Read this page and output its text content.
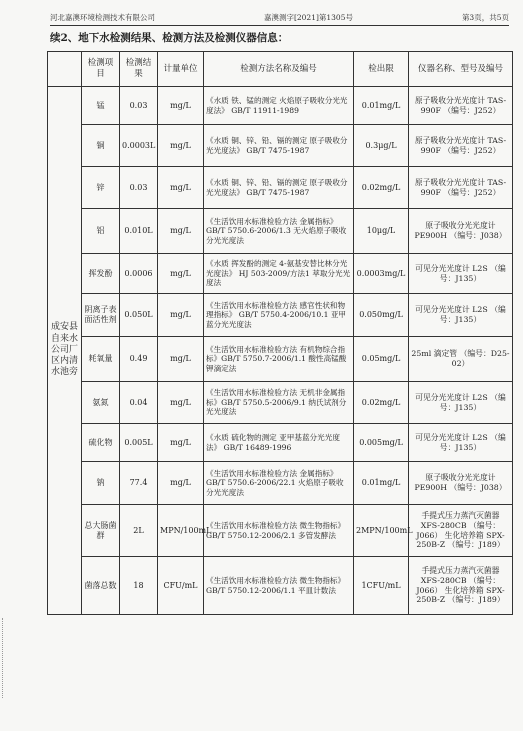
河北嘉澳环境检测技术有限公司	嘉澳测字[2021]第1305号	第3页，共5页
续2、地下水检测结果、检测方法及检测仪器信息：
	检测项目	检测结果	计量单位	检测方法名称及编号	检出限	仪器名称、型号及编号
成安县自来水公司厂区内清水池旁	锰	0.03	mg/L	《水质 铁、锰的测定 火焰原子吸收分光光度法》 GB/T 11911-1989	0.01mg/L	原子吸收分光光度计 TAS-990F （编号：J252）
	铜	0.0003L	mg/L	《水质 铜、锌、铅、镉的测定 原子吸收分光光度法》 GB/T 7475-1987	0.3μg/L	原子吸收分光光度计 TAS-990F （编号：J252）
	锌	0.03	mg/L	《水质 铜、锌、铅、镉的测定 原子吸收分光光度法》 GB/T 7475-1987	0.02mg/L	原子吸收分光光度计 TAS-990F （编号：J252）
	铝	0.010L	mg/L	《生活饮用水标准检验方法 金属指标》GB/T 5750.6-2006/1.3 无火焰原子吸收分光光度法	10μg/L	原子吸收分光光度计 PE900H （编号：J038）
	挥发酚	0.0006	mg/L	《水质 挥发酚的测定 4-氨基安替比林分光光度法》 HJ 503-2009/方法1 萃取分光光度法	0.0003mg/L	可见分光光度计 L2S （编号：J135）
	阴离子表面活性剂	0.050L	mg/L	《生活饮用水标准检验方法 感官性状和物理指标》 GB/T 5750.4-2006/10.1 亚甲蓝分光光度法	0.050mg/L	可见分光光度计 L2S （编号：J135）
	耗氧量	0.49	mg/L	《生活饮用水标准检验方法 有机物综合指标》GB/T 5750.7-2006/1.1 酸性高锰酸钾滴定法	0.05mg/L	25ml 滴定管 （编号：D25-02）
	氨氮	0.04	mg/L	《生活饮用水标准检验方法 无机非金属指标》GB/T 5750.5-2006/9.1 纳氏试剂分光光度法	0.02mg/L	可见分光光度计 L2S （编号：J135）
	硫化物	0.005L	mg/L	《水质 硫化物的测定 亚甲基蓝分光光度法》 GB/T 16489-1996	0.005mg/L	可见分光光度计 L2S （编号：J135）
	钠	77.4	mg/L	《生活饮用水标准检验方法 金属指标》GB/T 5750.6-2006/22.1 火焰原子吸收分光光度法	0.01mg/L	原子吸收分光光度计 PE900H （编号：J038）
	总大肠菌群	2L	MPN/100mL	《生活饮用水标准检验方法 微生物指标》GB/T 5750.12-2006/2.1 多管发酵法	2MPN/100mL	手提式压力蒸汽灭菌器 XFS-280CB （编号：J066） 生化培养箱 SPX-250B-Z （编号：J189）
	菌落总数	18	CFU/mL	《生活饮用水标准检验方法 微生物指标》GB/T 5750.12-2006/1.1 平皿计数法	1CFU/mL	手提式压力蒸汽灭菌器 XFS-280CB （编号：J066） 生化培养箱 SPX-250B-Z （编号：J189）
